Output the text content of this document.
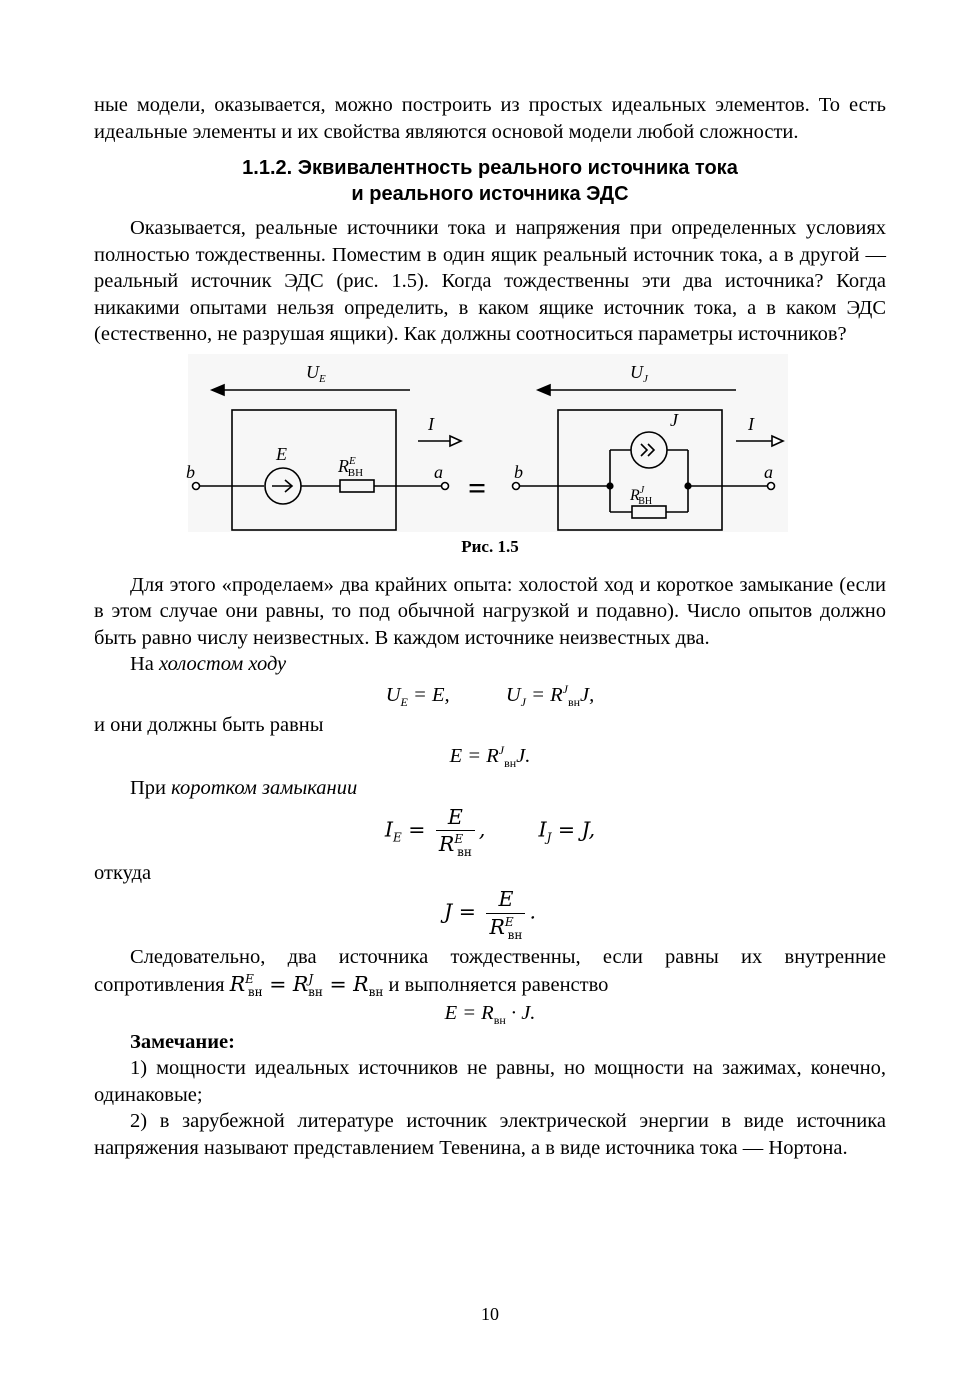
ные модели, оказывается, можно построить из простых идеальных элементов. То есть идеальные элементы и их свойства являются основой модели любой сложности.

1.1.2. Эквивалентность реального источника тока
и реального источника ЭДС

Оказывается, реальные источники тока и напряжения при определенных условиях полностью тождественны. Поместим в один ящик реальный источник тока, а в другой — реальный источник ЭДС (рис. 1.5). Когда тождественны эти два источника? Когда никакими опытами нельзя определить, в каком ящике источник тока, а в каком ЭДС (естественно, не разрушая ящики). Как должны соотноситься параметры источников?

$U_E$
E
$R^E$ ВН
I
b	a =
$U_J$
J
$R^J$ ВН
I
b	a
Рис. 1.5

Для этого «проделаем» два крайних опыта: холостой ход и короткое замыкание (если в этом случае они равны, то под обычной нагрузкой и подавно). Число опытов должно быть равно числу неизвестных. В каждом источнике неизвестных два.

На холостом ходу

$U_E = E$,	$U_J = R^J_{вн}J$,

и они должны быть равны

$E = R^J_{вн}J$.

При коротком замыкании

$I_E = \frac{E}{R^E_{вн}}$ ,	$I_J = J$,

откуда

$J = \frac{E}{R^E_{вн}}$ .

Следовательно, два источника тождественны, если равны их внутренние сопротивления $R^E_{вн} = R^J_{вн} = R_{вн}$ и выполняется равенство

$E = R_{вн} \cdot J$.

Замечание:

1) мощности идеальных источников не равны, но мощности на зажимах, конечно, одинаковые;

2) в зарубежной литературе источник электрической энергии в виде источника напряжения называют представлением Тевенина, а в виде источника тока — Нортона.

10
